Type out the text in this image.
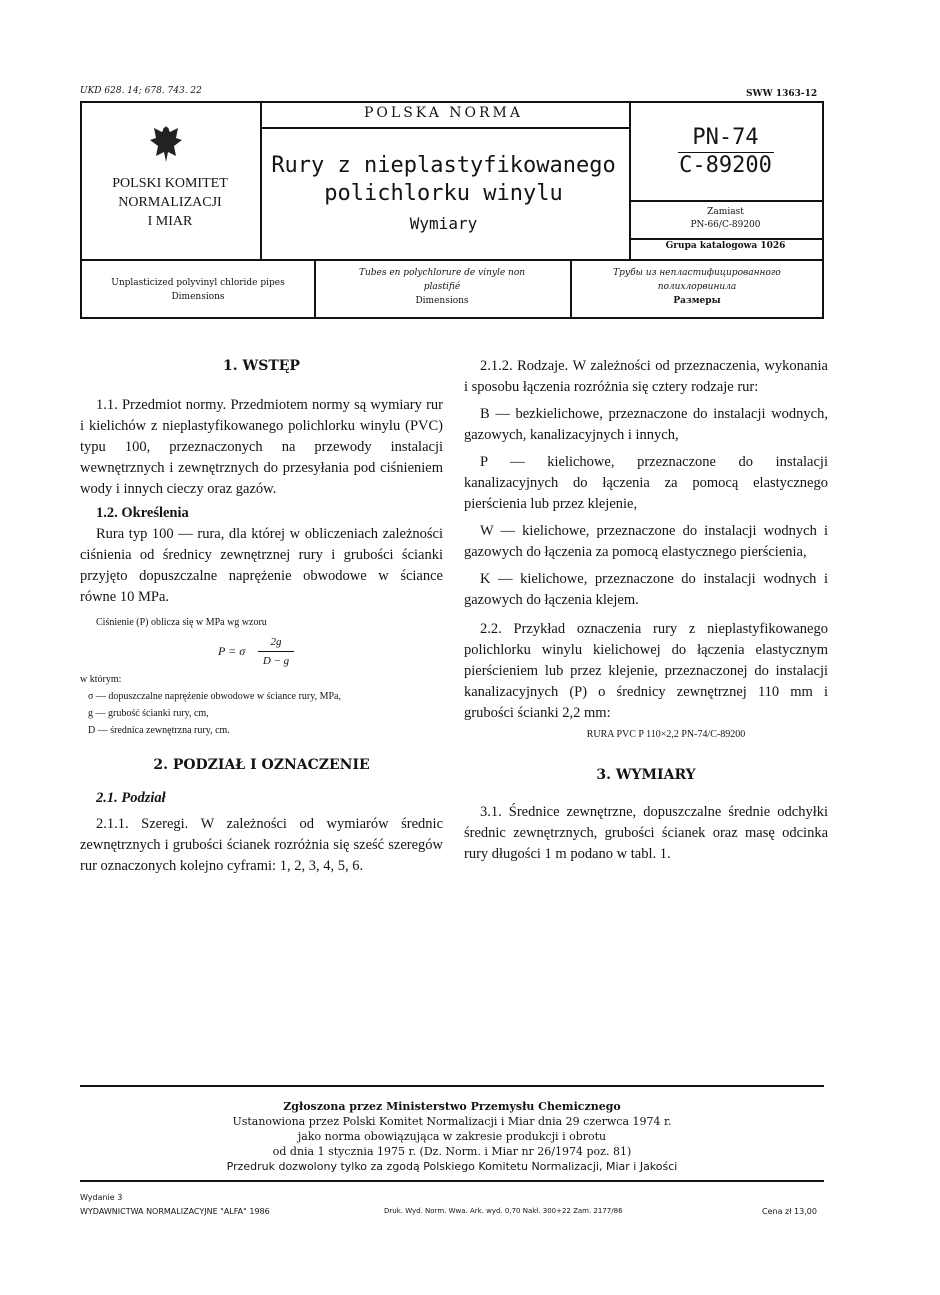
UKD 628. 14; 678. 743. 22	SWW 1363-12
POLSKI KOMITET
NORMALIZACJI
I MIAR
POLSKA NORMA
Rury z nieplastyfikowanego
polichlorku winylu
Wymiary
PN-74
C-89200
Zamiast
PN-66/C-89200
Grupa katalogowa 1026
Unplasticized polyvinyl chloride pipes
Dimensions
Tubes en polychlorure de vinyle non
plastifié
Dimensions
Трубы из непластифицированного
полихлорвинила
Размеры
1. WSTĘP

1.1. Przedmiot normy. Przedmiotem normy są wymiary rur i kielichów z nieplastyfikowanego polichlorku winylu (PVC) typu 100, przeznaczonych na przewody instalacji wewnętrznych i zewnętrznych do przesyłania pod ciśnieniem wody i innych cieczy oraz gazów.

1.2. Określenia

Rura typ 100 — rura, dla której w obliczeniach zależności ciśnienia od średnicy zewnętrznej rury i grubości ścianki przyjęto dopuszczalne naprężenie obwodowe w ściance równe 10 MPa.

Ciśnienie (P) oblicza się w MPa wg wzoru

P = σ
2g
D − g
w którym:
σ — dopuszczalne naprężenie obwodowe w ściance rury, MPa,
g — grubość ścianki rury, cm,
D — średnica zewnętrzna rury, cm.
2. PODZIAŁ I OZNACZENIE

2.1. Podział

2.1.1. Szeregi. W zależności od wymiarów średnic zewnętrznych i grubości ścianek rozróżnia się sześć szeregów rur oznaczonych kolejno cyframi: 1, 2, 3, 4, 5, 6.

2.1.2. Rodzaje. W zależności od przeznaczenia, wykonania i sposobu łączenia rozróżnia się cztery rodzaje rur:

B — bezkielichowe, przeznaczone do instalacji wodnych, gazowych, kanalizacyjnych i innych,

P — kielichowe, przeznaczone do instalacji kanalizacyjnych do łączenia za pomocą elastycznego pierścienia lub przez klejenie,

W — kielichowe, przeznaczone do instalacji wodnych i gazowych do łączenia za pomocą elastycznego pierścienia,

K — kielichowe, przeznaczone do instalacji wodnych i gazowych do łączenia klejem.

2.2. Przykład oznaczenia rury z nieplastyfikowanego polichlorku winylu kielichowej do łączenia elastycznym pierścieniem lub przez klejenie, przeznaczonej do instalacji kanalizacyjnych (P) o średnicy zewnętrznej 110 mm i grubości ścianki 2,2 mm:

RURA PVC P 110×2,2 PN-74/C-89200
3. WYMIARY

3.1. Średnice zewnętrzne, dopuszczalne średnie odchyłki średnic zewnętrznych, grubości ścianek oraz masę odcinka rury długości 1 m podano w tabl. 1.

Zgłoszona przez Ministerstwo Przemysłu Chemicznego
Ustanowiona przez Polski Komitet Normalizacji i Miar dnia 29 czerwca 1974 r.
jako norma obowiązująca w zakresie produkcji i obrotu
od dnia 1 stycznia 1975 r. (Dz. Norm. i Miar nr 26/1974 poz. 81)
Przedruk dozwolony tylko za zgodą Polskiego Komitetu Normalizacji, Miar i Jakości
Wydanie 3
WYDAWNICTWA NORMALIZACYJNE "ALFA" 1986	Druk. Wyd. Norm. Wwa. Ark. wyd. 0,70 Nakł. 300+22 Zam. 2177/86	Cena zł 13,00
